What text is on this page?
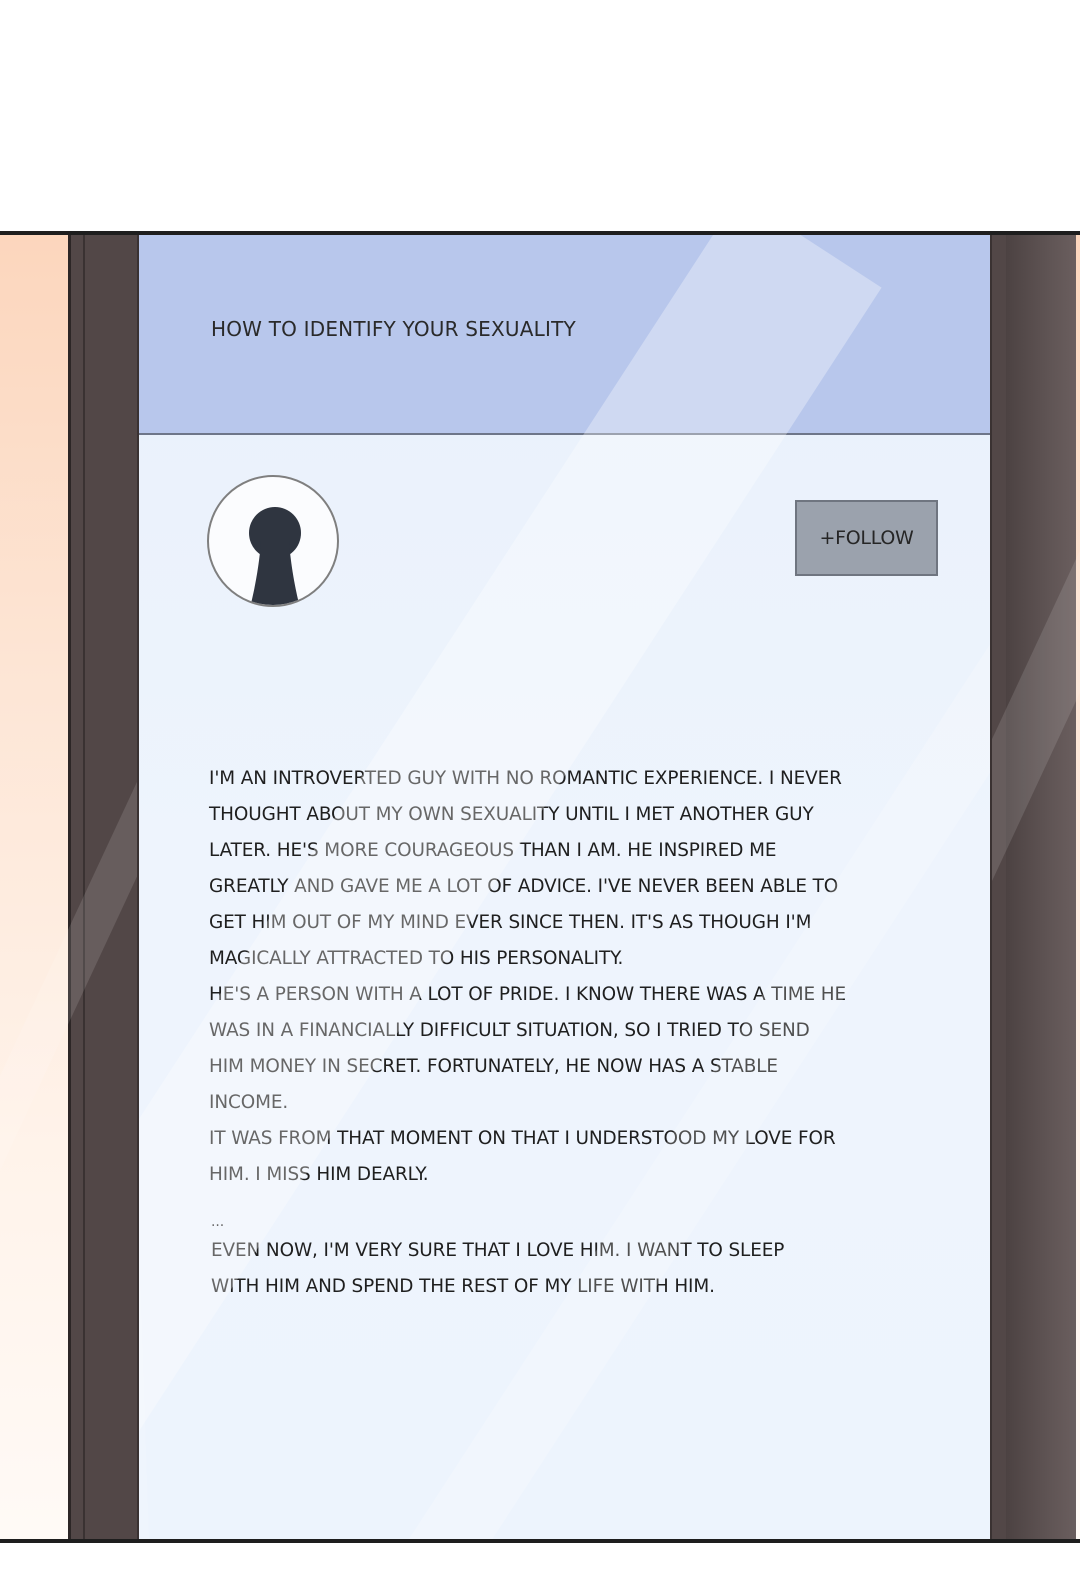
HOW TO IDENTIFY YOUR SEXUALITY
+FOLLOW
I'M AN INTROVERTED GUY WITH NO ROMANTIC EXPERIENCE. I NEVER
THOUGHT ABOUT MY OWN SEXUALITY UNTIL I MET ANOTHER GUY
LATER. HE'S MORE COURAGEOUS THAN I AM. HE INSPIRED ME
GREATLY AND GAVE ME A LOT OF ADVICE. I'VE NEVER BEEN ABLE TO
GET HIM OUT OF MY MIND EVER SINCE THEN. IT'S AS THOUGH I'M
MAGICALLY ATTRACTED TO HIS PERSONALITY.
HE'S A PERSON WITH A LOT OF PRIDE. I KNOW THERE WAS A TIME HE
WAS IN A FINANCIALLY DIFFICULT SITUATION, SO I TRIED TO SEND
HIM MONEY IN SECRET. FORTUNATELY, HE NOW HAS A STABLE
INCOME.
IT WAS FROM THAT MOMENT ON THAT I UNDERSTOOD MY LOVE FOR
HIM. I MISS HIM DEARLY.
...
EVEN NOW, I'M VERY SURE THAT I LOVE HIM. I WANT TO SLEEP
WITH HIM AND SPEND THE REST OF MY LIFE WITH HIM.
